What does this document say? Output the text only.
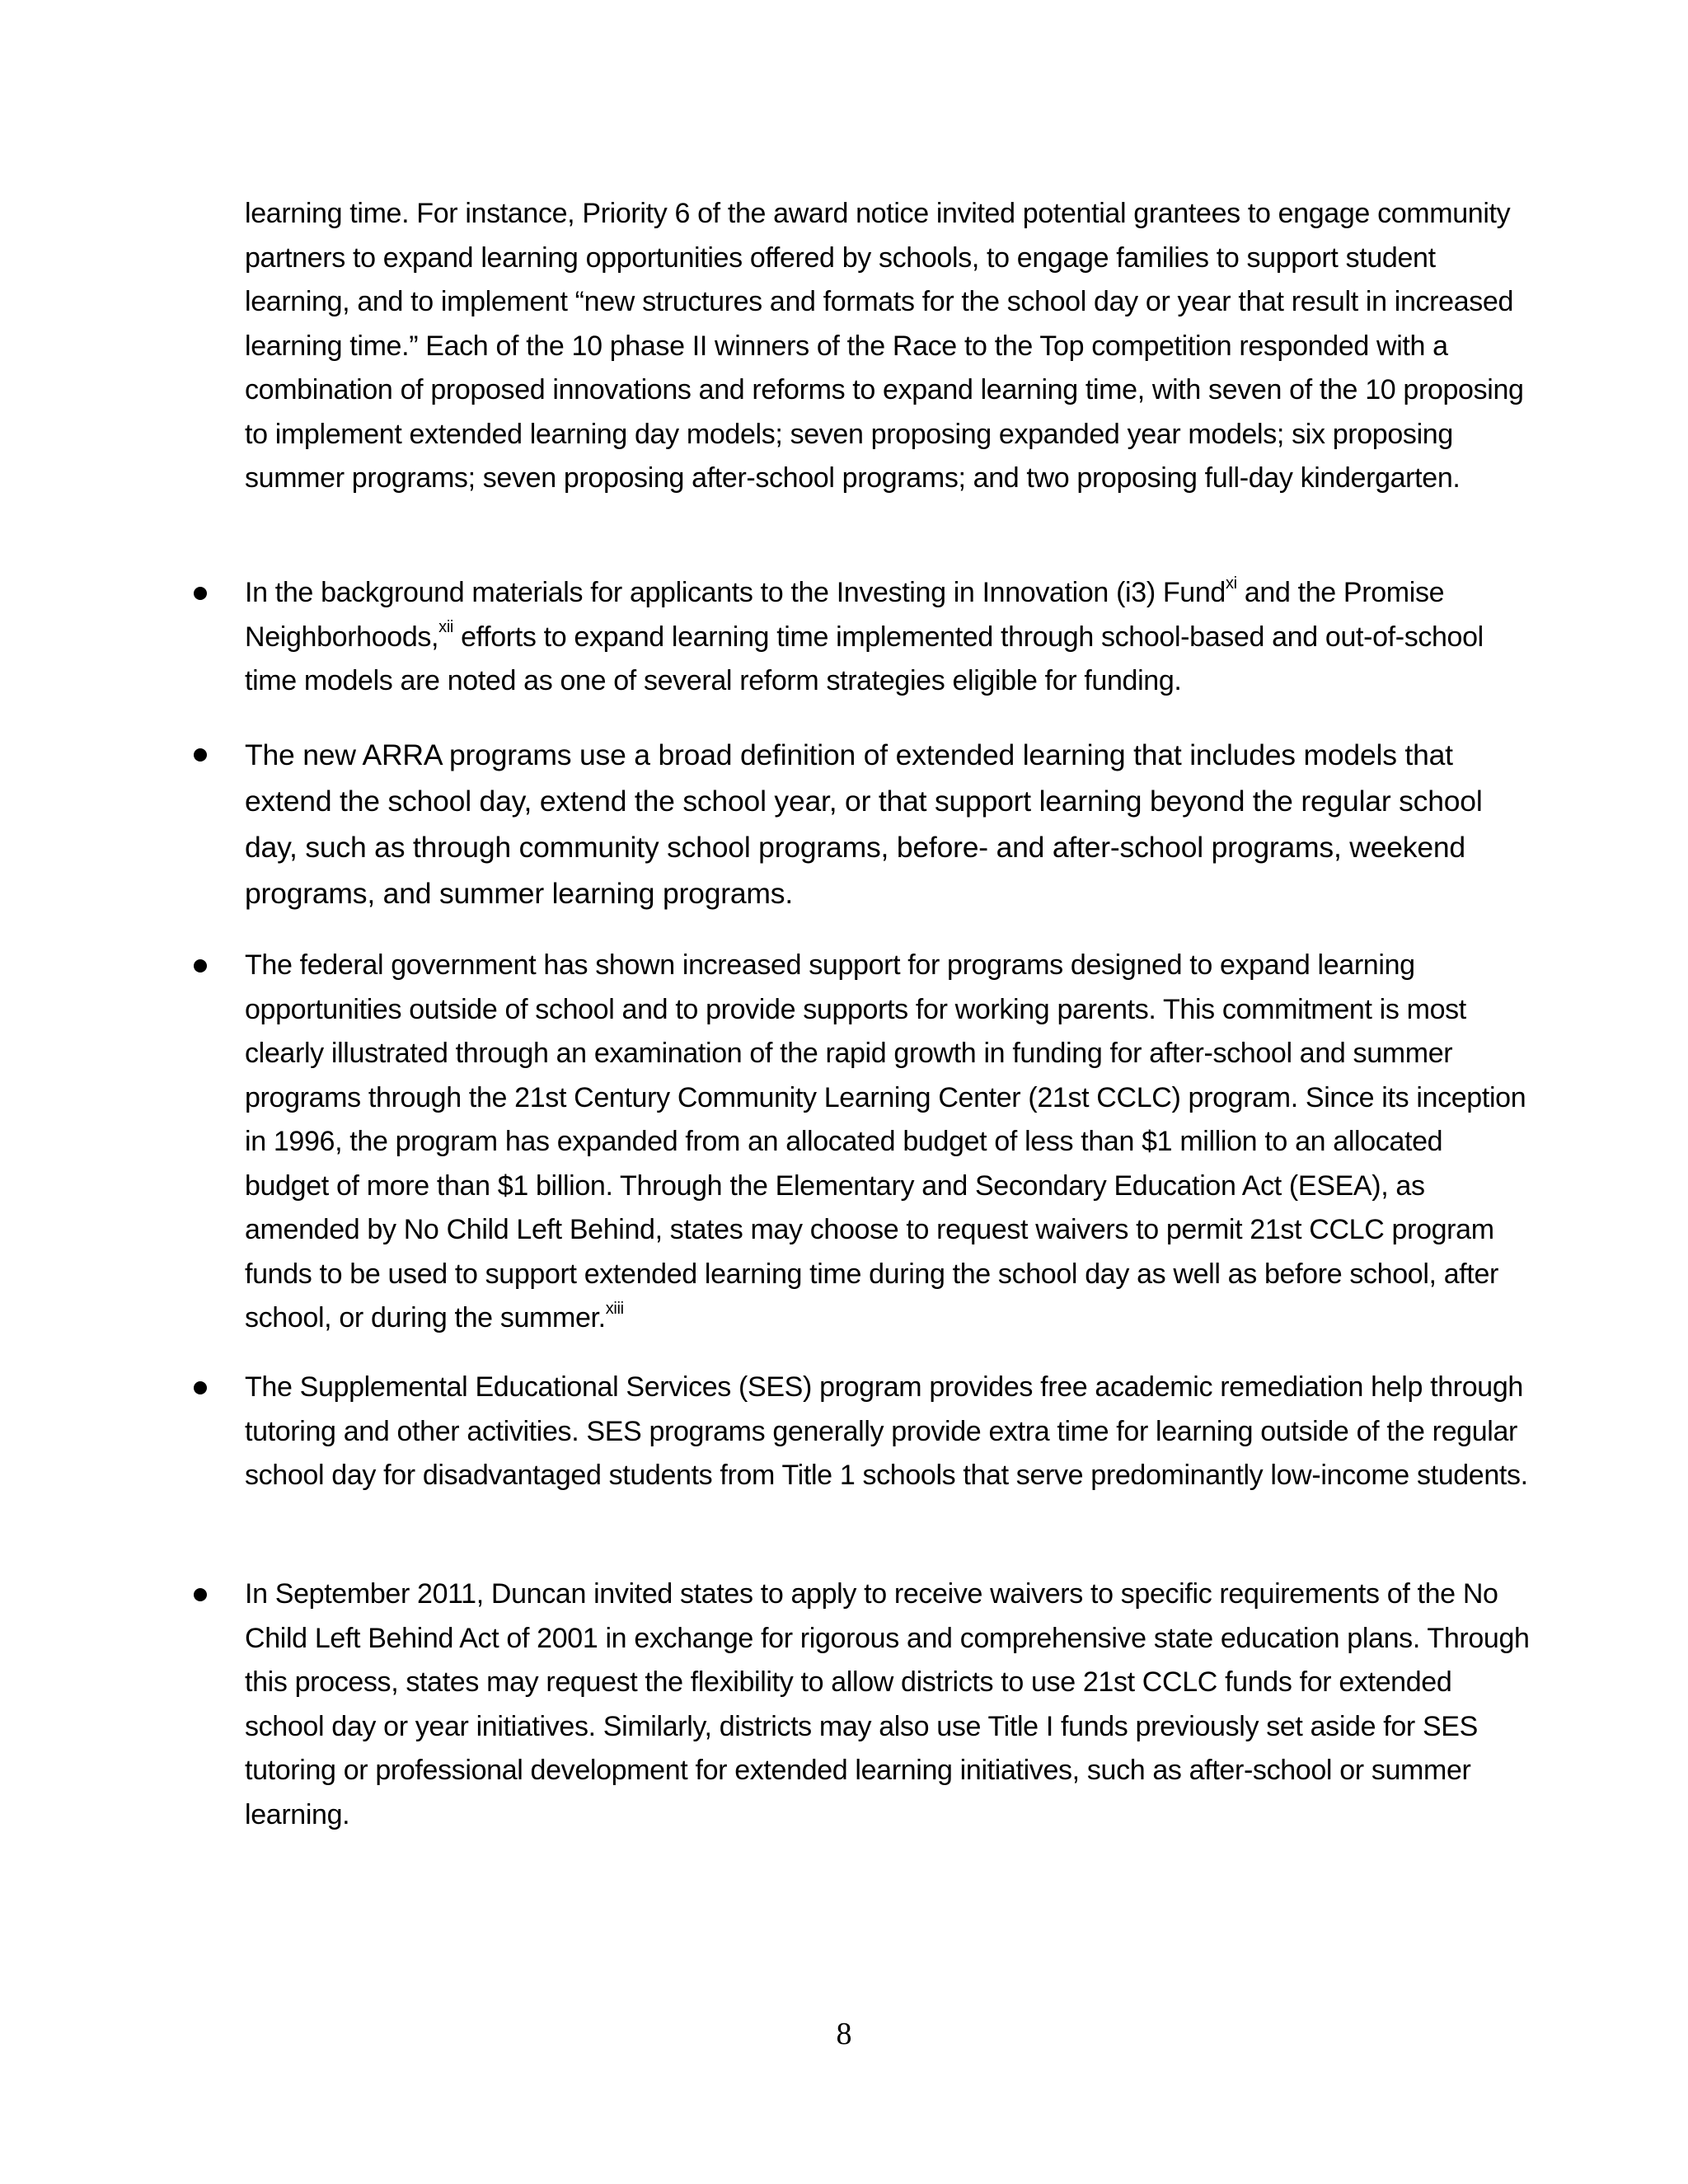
learning time. For instance, Priority 6 of the award notice invited potential grantees to engage community partners to expand learning opportunities offered by schools, to engage families to support student learning, and to implement “new structures and formats for the school day or year that result in increased learning time.” Each of the 10 phase II winners of the Race to the Top competition responded with a combination of proposed innovations and reforms to expand learning time, with seven of the 10 proposing to implement extended learning day models; seven proposing expanded year models; six proposing summer programs; seven proposing after-school programs; and two proposing full-day kindergarten.
In the background materials for applicants to the Investing in Innovation (i3) Fund$^{xi}$ and the Promise Neighborhoods,$^{xii}$ efforts to expand learning time implemented through school-based and out-of-school time models are noted as one of several reform strategies eligible for funding.
The new ARRA programs use a broad definition of extended learning that includes models that extend the school day, extend the school year, or that support learning beyond the regular school day, such as through community school programs, before- and after-school programs, weekend programs, and summer learning programs.
The federal government has shown increased support for programs designed to expand learning opportunities outside of school and to provide supports for working parents. This commitment is most clearly illustrated through an examination of the rapid growth in funding for after-school and summer programs through the 21st Century Community Learning Center (21st CCLC) program. Since its inception in 1996, the program has expanded from an allocated budget of less than $1 million to an allocated budget of more than $1 billion. Through the Elementary and Secondary Education Act (ESEA), as amended by No Child Left Behind, states may choose to request waivers to permit 21st CCLC program funds to be used to support extended learning time during the school day as well as before school, after school, or during the summer.$^{xiii}$
The Supplemental Educational Services (SES) program provides free academic remediation help through tutoring and other activities. SES programs generally provide extra time for learning outside of the regular school day for disadvantaged students from Title 1 schools that serve predominantly low-income students.
In September 2011, Duncan invited states to apply to receive waivers to specific requirements of the No Child Left Behind Act of 2001 in exchange for rigorous and comprehensive state education plans. Through this process, states may request the flexibility to allow districts to use 21st CCLC funds for extended school day or year initiatives. Similarly, districts may also use Title I funds previously set aside for SES tutoring or professional development for extended learning initiatives, such as after-school or summer learning.
8
